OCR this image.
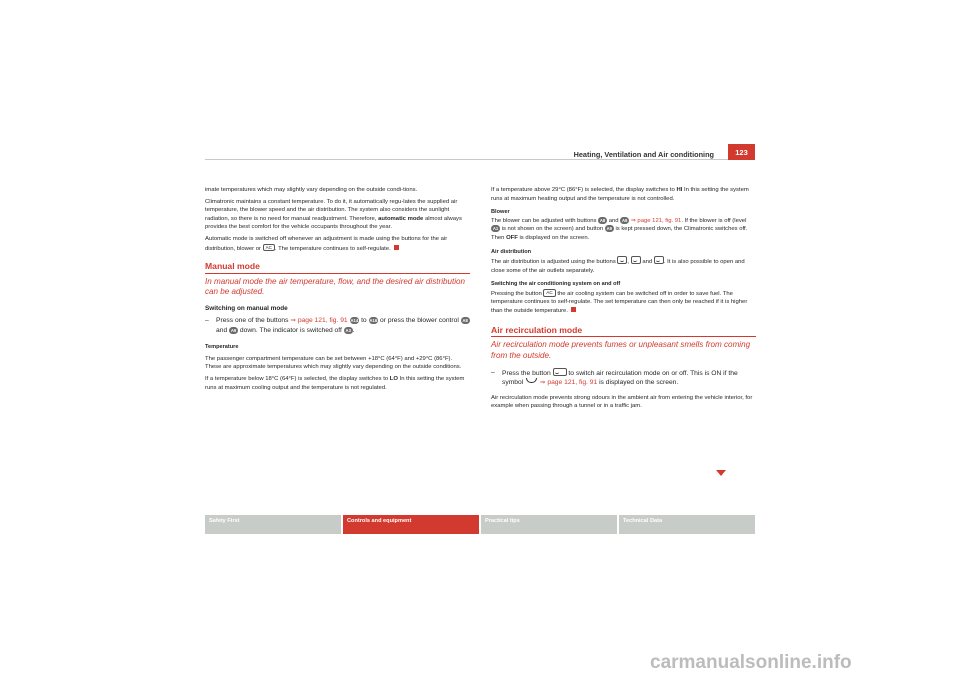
Heating, Ventilation and Air conditioning	123

imate temperatures which may slightly vary depending on the outside condi-tions.

Climatronic maintains a constant temperature. To do it, it automatically regu-lates the supplied air temperature, the blower speed and the air distribution. The system also considers the sunlight radiation, so there is no need for manual readjustment. Therefore, automatic mode almost always provides the best comfort for the vehicle occupants throughout the year.

Automatic mode is switched off whenever an adjustment is made using the buttons for the air distribution, blower or AC . The temperature continues to self-regulate.

Manual mode
In manual mode the air temperature, flow, and the desired air distribution can be adjusted.

Switching on manual mode

– Press one of the buttons ⇒ page 121, fig. 91 A14 to A16 or press the blower control A8 and A9 down. The indicator is switched off A3 .

Temperature

The passenger compartment temperature can be set between +18°C (64°F) and +29°C (86°F). These are approximate temperatures which may slightly vary depending on the outside conditions.

If a temperature below 18°C (64°F) is selected, the display switches to LO In this setting the system runs at maximum cooling output and the temperature is not regulated.

If a temperature above 29°C (86°F) is selected, the display switches to HI In this setting the system runs at maximum heating output and the temperature is not controlled.

Blower

The blower can be adjusted with buttons A8 and A9 ⇒ page 121, fig. 91. If the blower is off (level A1 is not shown on the screen) and button A9 is kept pressed down, the Climatronic switches off. Then OFF is displayed on the screen.

Air distribution

The air distribution is adjusted using the buttons ,  and . It is also possible to open and close some of the air outlets separately.

Switching the air conditioning system on and off

Pressing the button AC the air cooling system can be switched off in order to save fuel. The temperature continues to self-regulate. The set temperature can then only be reached if it is higher than the outside temperature.

Air recirculation mode
Air recirculation mode prevents fumes or unpleasant smells from coming from the outside.
– Press the button	to switch air recirculation mode on or off. This is ON if the symbol ⇒ page 121, fig. 91 is displayed on the screen.

Air recirculation mode prevents strong odours in the ambient air from entering the vehicle interior, for example when passing through a tunnel or in a traffic jam.

Safety First	Controls and equipment	Practical tips	Technical Data
carmanualsonline.info
